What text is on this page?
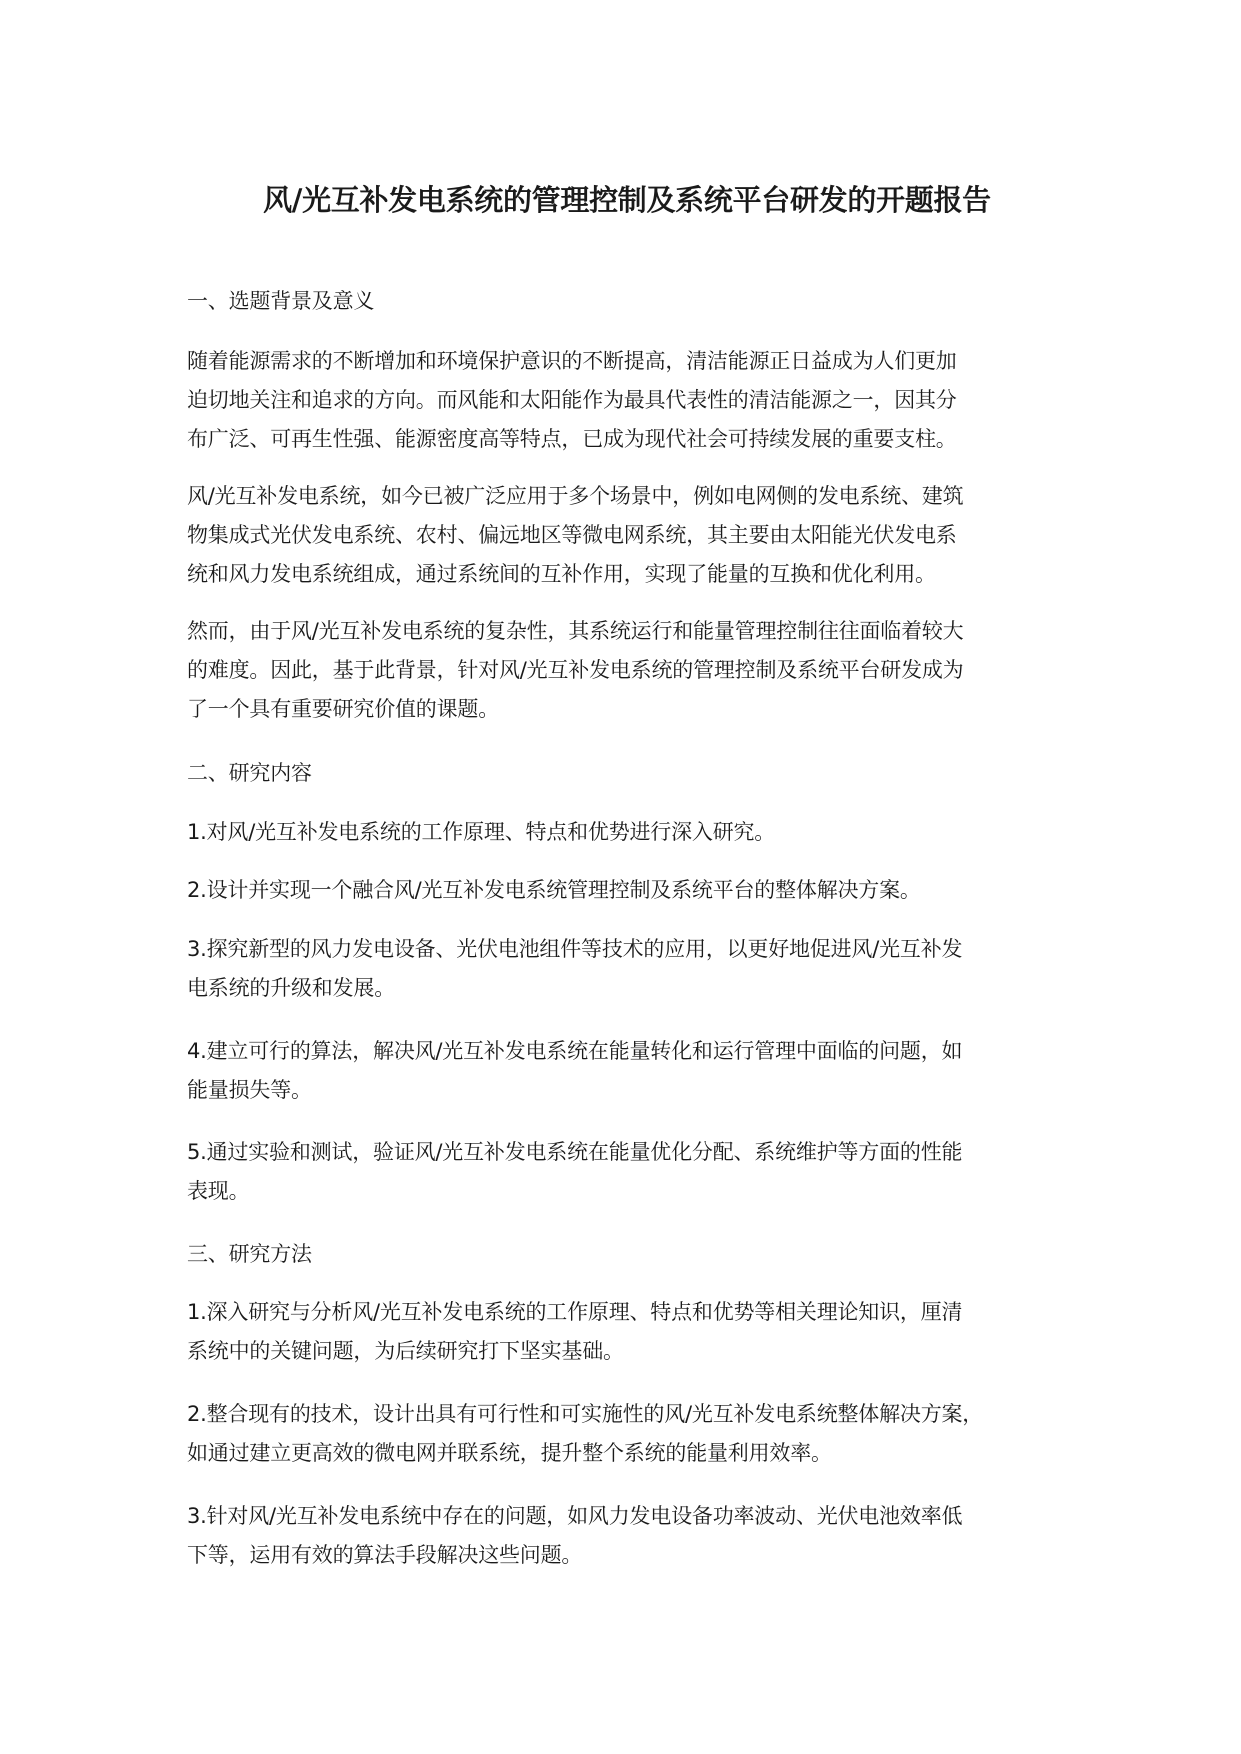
风/光互补发电系统的管理控制及系统平台研发的开题报告

一、选题背景及意义

随着能源需求的不断增加和环境保护意识的不断提高，清洁能源正日益成为人们更加
迫切地关注和追求的方向。而风能和太阳能作为最具代表性的清洁能源之一，因其分
布广泛、可再生性强、能源密度高等特点，已成为现代社会可持续发展的重要支柱。

风/光互补发电系统，如今已被广泛应用于多个场景中，例如电网侧的发电系统、建筑
物集成式光伏发电系统、农村、偏远地区等微电网系统，其主要由太阳能光伏发电系
统和风力发电系统组成，通过系统间的互补作用，实现了能量的互换和优化利用。

然而，由于风/光互补发电系统的复杂性，其系统运行和能量管理控制往往面临着较大
的难度。因此，基于此背景，针对风/光互补发电系统的管理控制及系统平台研发成为
了一个具有重要研究价值的课题。

二、研究内容

1.对风/光互补发电系统的工作原理、特点和优势进行深入研究。

2.设计并实现一个融合风/光互补发电系统管理控制及系统平台的整体解决方案。

3.探究新型的风力发电设备、光伏电池组件等技术的应用，以更好地促进风/光互补发
电系统的升级和发展。

4.建立可行的算法，解决风/光互补发电系统在能量转化和运行管理中面临的问题，如
能量损失等。

5.通过实验和测试，验证风/光互补发电系统在能量优化分配、系统维护等方面的性能
表现。

三、研究方法

1.深入研究与分析风/光互补发电系统的工作原理、特点和优势等相关理论知识，厘清
系统中的关键问题，为后续研究打下坚实基础。

2.整合现有的技术，设计出具有可行性和可实施性的风/光互补发电系统整体解决方案，
如通过建立更高效的微电网并联系统，提升整个系统的能量利用效率。

3.针对风/光互补发电系统中存在的问题，如风力发电设备功率波动、光伏电池效率低
下等，运用有效的算法手段解决这些问题。
